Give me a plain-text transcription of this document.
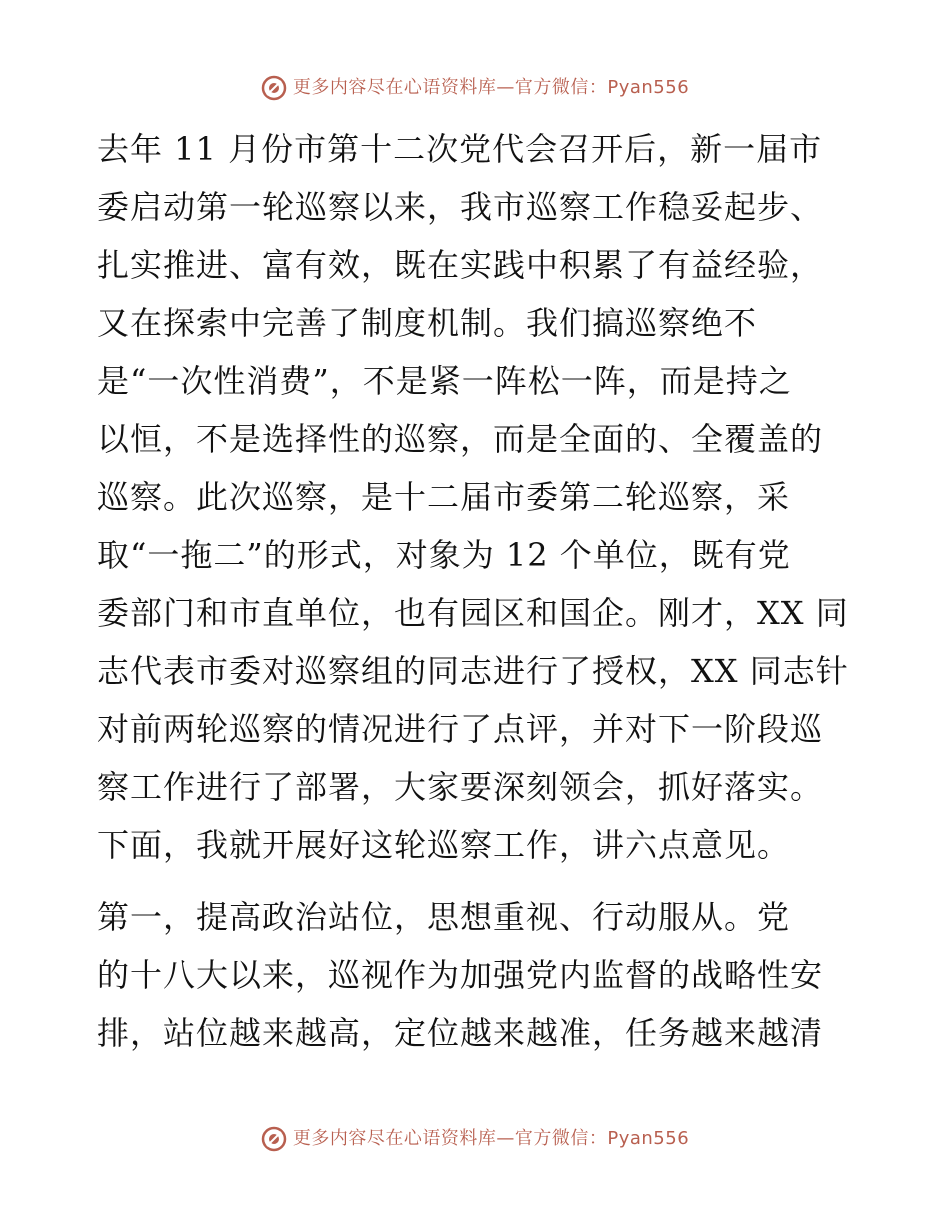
更多内容尽在心语资料库—官方微信：Pyan556

去年 11 月份市第十二次党代会召开后，新一届市
委启动第一轮巡察以来，我市巡察工作稳妥起步、
扎实推进、富有效，既在实践中积累了有益经验，
又在探索中完善了制度机制。我们搞巡察绝不
是“一次性消费”，不是紧一阵松一阵，而是持之
以恒，不是选择性的巡察，而是全面的、全覆盖的
巡察。此次巡察，是十二届市委第二轮巡察，采
取“一拖二”的形式，对象为 12 个单位，既有党
委部门和市直单位，也有园区和国企。刚才，XX 同
志代表市委对巡察组的同志进行了授权，XX 同志针
对前两轮巡察的情况进行了点评，并对下一阶段巡
察工作进行了部署，大家要深刻领会，抓好落实。
下面，我就开展好这轮巡察工作，讲六点意见。

第一，提高政治站位，思想重视、行动服从。党
的十八大以来，巡视作为加强党内监督的战略性安
排，站位越来越高，定位越来越准，任务越来越清

更多内容尽在心语资料库—官方微信：Pyan556
